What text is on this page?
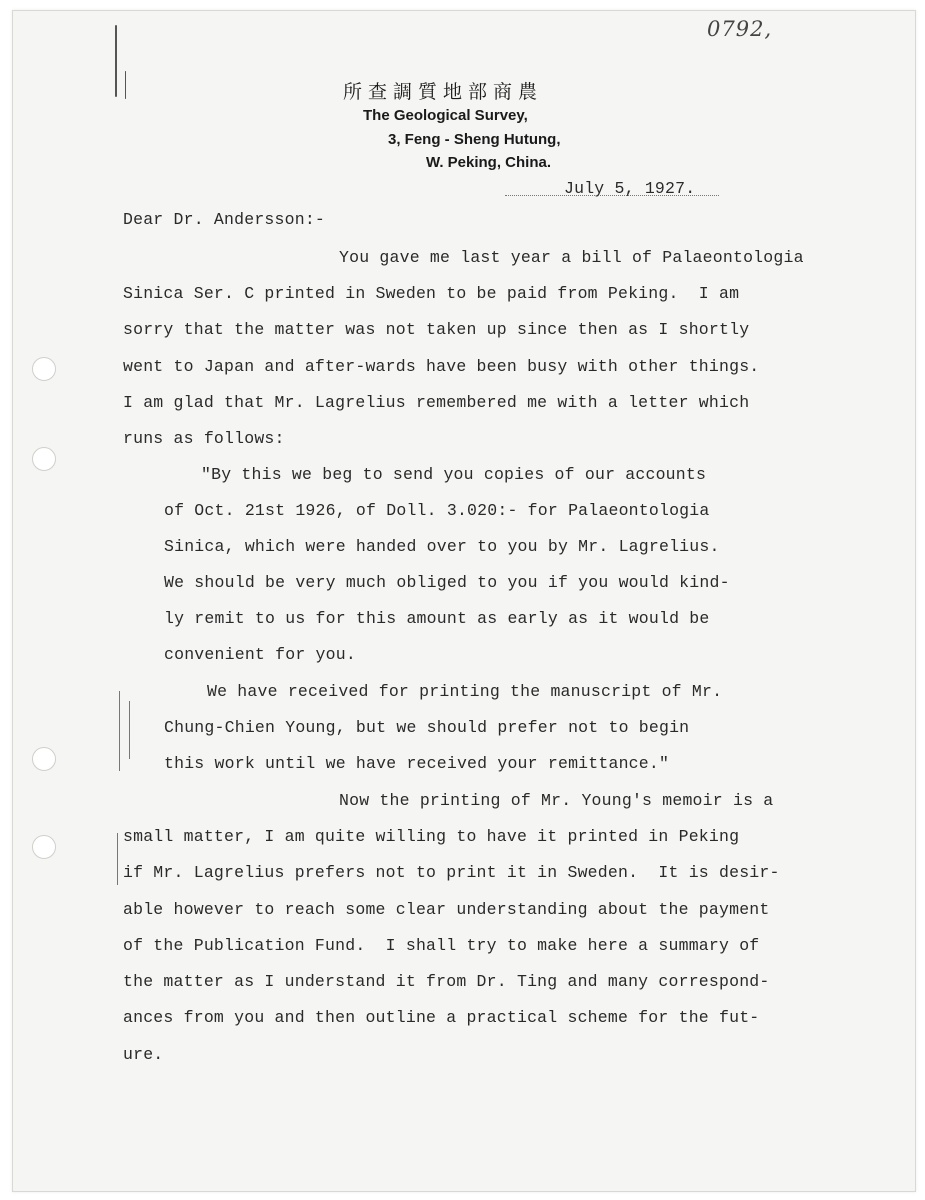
0792,
所查調質地部商農
The Geological Survey,
3, Feng - Sheng Hutung,
W. Peking, China.
July 5, 1927.
Dear Dr. Andersson:-
You gave me last year a bill of Palaeontologia
Sinica Ser. C printed in Sweden to be paid from Peking.  I am
sorry that the matter was not taken up since then as I shortly
went to Japan and after-wards have been busy with other things.
I am glad that Mr. Lagrelius remembered me with a letter which
runs as follows:
"By this we beg to send you copies of our accounts
of Oct. 21st 1926, of Doll. 3.020:- for Palaeontologia
Sinica, which were handed over to you by Mr. Lagrelius.
We should be very much obliged to you if you would kind-
ly remit to us for this amount as early as it would be
convenient for you.
We have received for printing the manuscript of Mr.
Chung-Chien Young, but we should prefer not to begin
this work until we have received your remittance."
Now the printing of Mr. Young's memoir is a
small matter, I am quite willing to have it printed in Peking
if Mr. Lagrelius prefers not to print it in Sweden.  It is desir-
able however to reach some clear understanding about the payment
of the Publication Fund.  I shall try to make here a summary of
the matter as I understand it from Dr. Ting and many correspond-
ances from you and then outline a practical scheme for the fut-
ure.
